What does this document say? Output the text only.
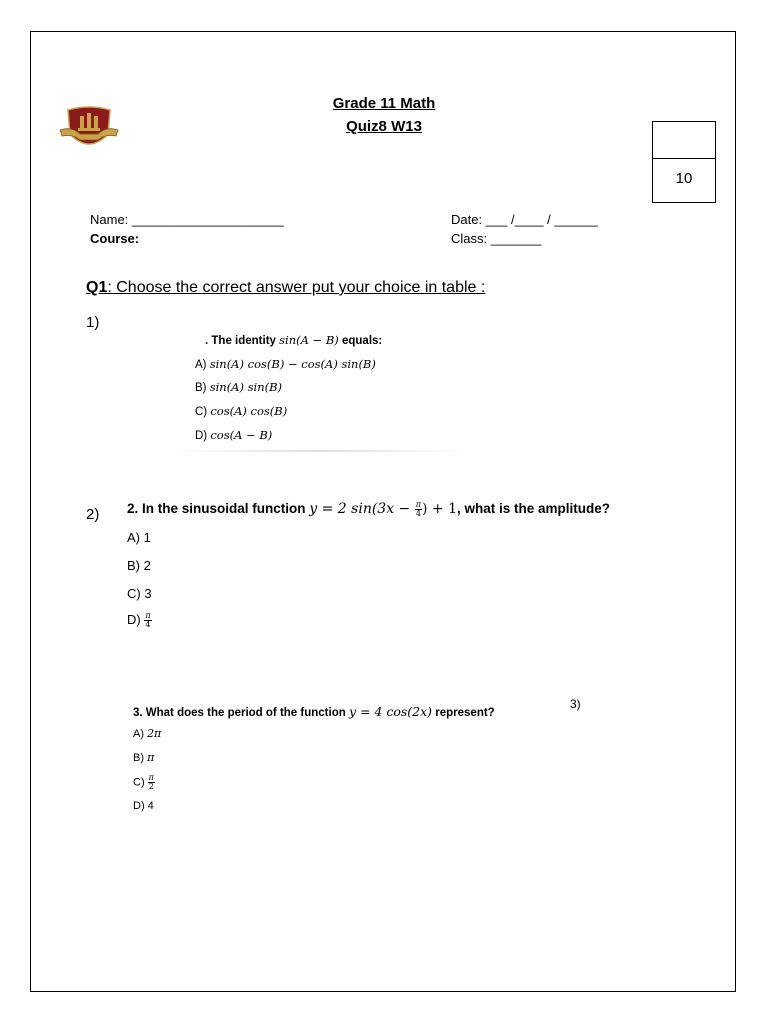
Grade 11 Math
Quiz8 W13
10
Name: _____________________
Course:
Date: ___ /____ / ______
Class: _______
Q1: Choose the correct answer put your choice in table :
1)
. The identity sin(A − B) equals:
A) sin(A) cos(B) − cos(A) sin(B)
B) sin(A) sin(B)
C) cos(A) cos(B)
D) cos(A − B)
2) 2. In the sinusoidal function y = 2 $\sin(3x - \frac{\pi}{4}$ ) + 1, what is the amplitude?
A) 1
B) 2
C) 3
$D) \frac{\pi}{4}$
3. What does the period of the function y = 4 cos(2x) represent?
3)
A) 2π
B) π
$C) \frac{\pi}{2}$
D) 4
